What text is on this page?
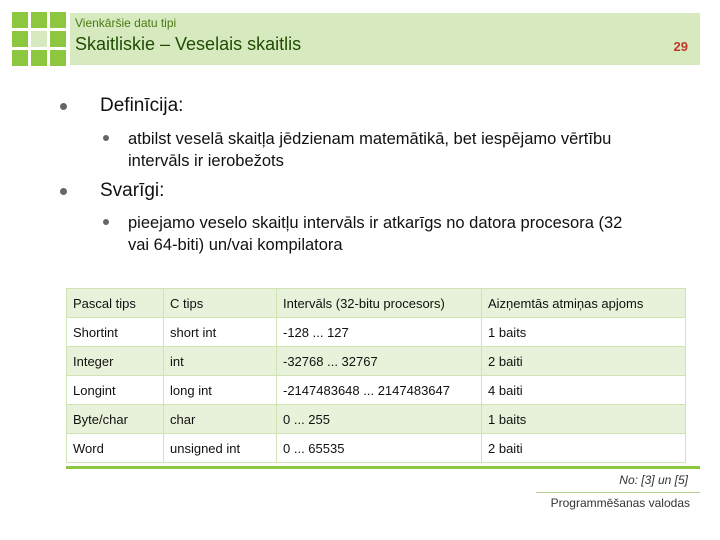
Vienkāršie datu tipi
Skaitliskie – Veselais skaitlis	29
Definīcija:
atbilst veselā skaitļa jēdzienam matemātikā, bet iespējamo vērtību
intervāls ir ierobežots
Svarīgi:
pieejamo veselo skaitļu intervāls ir atkarīgs no datora procesora (32
vai 64-biti) un/vai kompilatora
Pascal tips	C tips	Intervāls (32-bitu procesors)	Aizņemtās atmiņas apjoms
Shortint	short int	-128 ... 127	1 baits
Integer	int	-32768 ... 32767	2 baiti
Longint	long int	-2147483648 ... 2147483647	4 baiti
Byte/char	char	0 ... 255	1 baits
Word	unsigned int	0 ... 65535	2 baiti
No: [3] un [5]
Programmēšanas valodas
